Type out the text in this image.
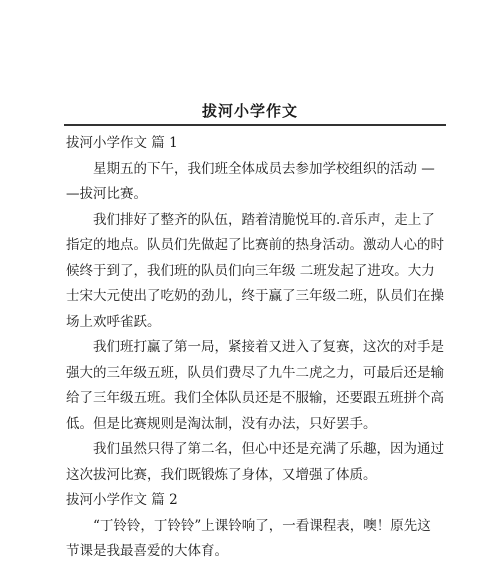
拔河小学作文
拔河小学作文 篇 1

星期五的下午，我们班全体成员去参加学校组织的活动 —
—拔河比赛。

我们排好了整齐的队伍，踏着清脆悦耳的.音乐声，走上了
指定的地点。队员们先做起了比赛前的热身活动。激动人心的时
候终于到了，我们班的队员们向三年级 二班发起了进攻。大力
士宋大元使出了吃奶的劲儿，终于赢了三年级二班，队员们在操
场上欢呼雀跃。

我们班打赢了第一局，紧接着又进入了复赛，这次的对手是
强大的三年级五班，队员们费尽了九牛二虎之力，可最后还是输
给了三年级五班。我们全体队员还是不服输，还要跟五班拼个高
低。但是比赛规则是淘汰制，没有办法，只好罢手。

我们虽然只得了第二名，但心中还是充满了乐趣，因为通过
这次拔河比赛，我们既锻炼了身体，又增强了体质。

拔河小学作文 篇 2

“丁铃铃，丁铃铃”上课铃响了，一看课程表，噢！原先这
节课是我最喜爱的大体育。
